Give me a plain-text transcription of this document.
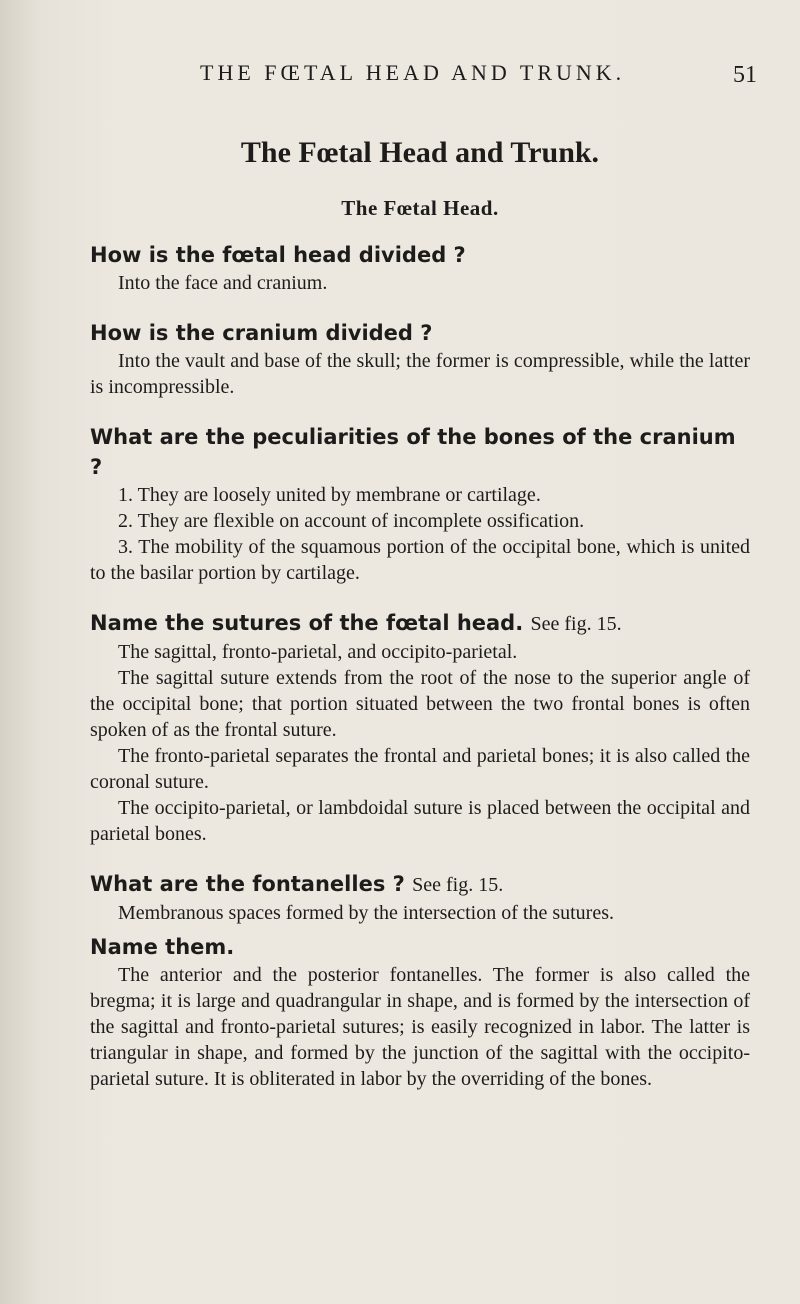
THE FŒTAL HEAD AND TRUNK.	51
The Fœtal Head and Trunk.
The Fœtal Head.

How is the fœtal head divided ?

Into the face and cranium.

How is the cranium divided ?

Into the vault and base of the skull; the former is compressible, while the latter is incompressible.

What are the peculiarities of the bones of the cranium ?

1. They are loosely united by membrane or cartilage.

2. They are flexible on account of incomplete ossification.

3. The mobility of the squamous portion of the occipital bone, which is united to the basilar portion by cartilage.

Name the sutures of the fœtal head. See fig. 15.

The sagittal, fronto-parietal, and occipito-parietal.

The sagittal suture extends from the root of the nose to the superior angle of the occipital bone; that portion situated between the two frontal bones is often spoken of as the frontal suture.

The fronto-parietal separates the frontal and parietal bones; it is also called the coronal suture.

The occipito-parietal, or lambdoidal suture is placed between the occipital and parietal bones.

What are the fontanelles ? See fig. 15.

Membranous spaces formed by the intersection of the sutures.

Name them.

The anterior and the posterior fontanelles. The former is also called the bregma; it is large and quadrangular in shape, and is formed by the intersection of the sagittal and fronto-parietal sutures; is easily recognized in labor. The latter is triangular in shape, and formed by the junction of the sagittal with the occipito-parietal suture. It is obliterated in labor by the overriding of the bones.
